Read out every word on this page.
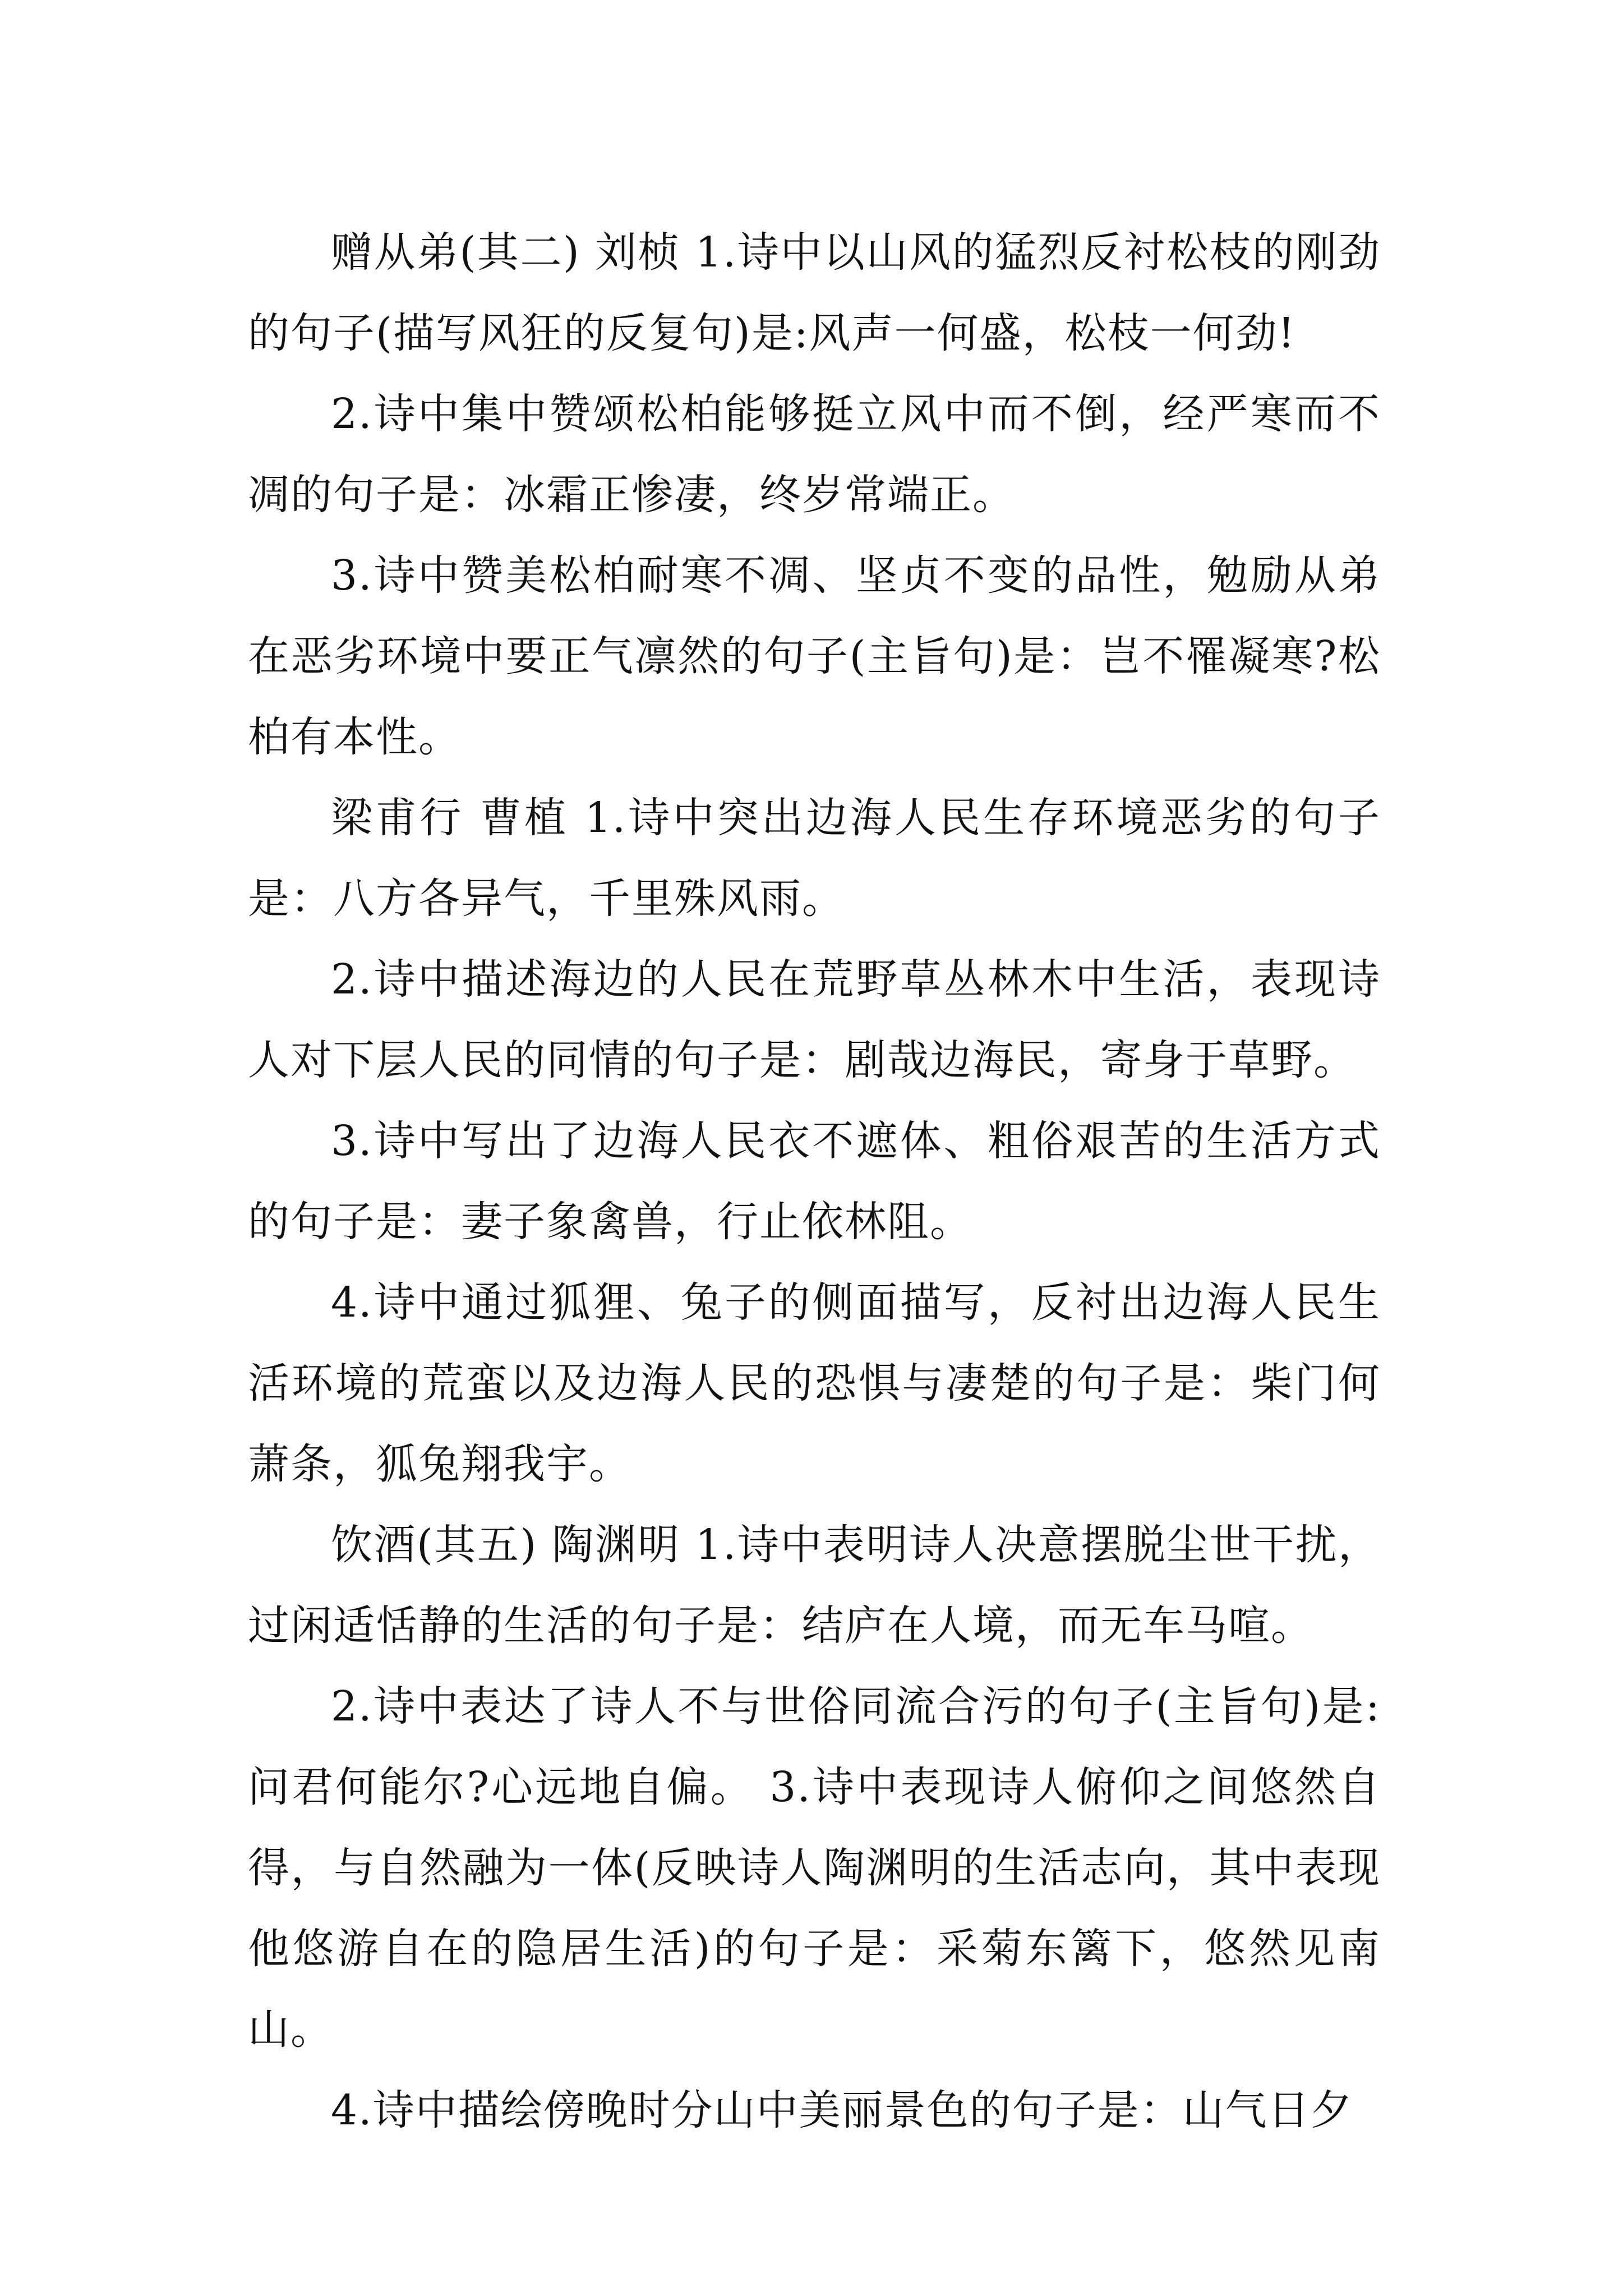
赠从弟(其二) 刘桢 1.诗中以山风的猛烈反衬松枝的刚劲的句子(描写风狂的反复句)是:风声一何盛，松枝一何劲!

2.诗中集中赞颂松柏能够挺立风中而不倒，经严寒而不凋的句子是：冰霜正惨凄，终岁常端正。

3.诗中赞美松柏耐寒不凋、坚贞不变的品性，勉励从弟在恶劣环境中要正气凛然的句子(主旨句)是：岂不罹凝寒?松柏有本性。

梁甫行 曹植 1.诗中突出边海人民生存环境恶劣的句子是：八方各异气，千里殊风雨。

2.诗中描述海边的人民在荒野草丛林木中生活，表现诗人对下层人民的同情的句子是：剧哉边海民，寄身于草野。

3.诗中写出了边海人民衣不遮体、粗俗艰苦的生活方式的句子是：妻子象禽兽，行止依林阻。

4.诗中通过狐狸、兔子的侧面描写，反衬出边海人民生活环境的荒蛮以及边海人民的恐惧与凄楚的句子是：柴门何萧条，狐兔翔我宇。

饮酒(其五) 陶渊明 1.诗中表明诗人决意摆脱尘世干扰，过闲适恬静的生活的句子是：结庐在人境，而无车马喧。

2.诗中表达了诗人不与世俗同流合污的句子(主旨句)是:问君何能尔?心远地自偏。 3.诗中表现诗人俯仰之间悠然自得，与自然融为一体(反映诗人陶渊明的生活志向，其中表现他悠游自在的隐居生活)的句子是：采菊东篱下，悠然见南山。

4.诗中描绘傍晚时分山中美丽景色的句子是：山气日夕
